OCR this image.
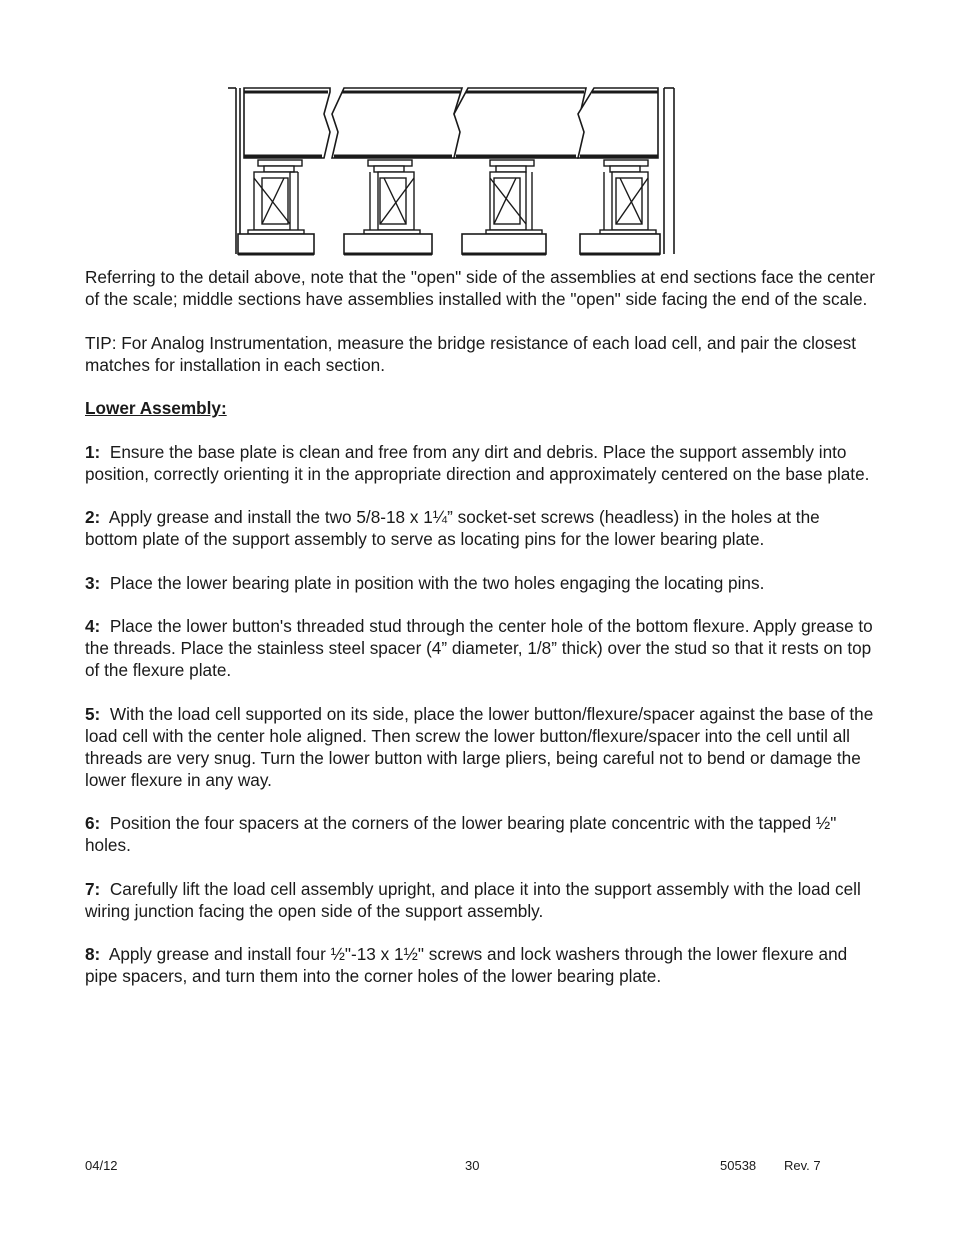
Referring to the detail above, note that the "open" side of the assemblies at end sections face the center of the scale; middle sections have assemblies installed with the "open" side facing the end of the scale.

TIP: For Analog Instrumentation, measure the bridge resistance of each load cell, and pair the closest matches for installation in each section.

Lower Assembly:

1: Ensure the base plate is clean and free from any dirt and debris. Place the support assembly into position, correctly orienting it in the appropriate direction and approximately centered on the base plate.

2: Apply grease and install the two 5/8-18 x 1¼” socket-set screws (headless) in the holes at the bottom plate of the support assembly to serve as locating pins for the lower bearing plate.

3: Place the lower bearing plate in position with the two holes engaging the locating pins.

4: Place the lower button's threaded stud through the center hole of the bottom flexure. Apply grease to the threads. Place the stainless steel spacer (4” diameter, 1/8” thick) over the stud so that it rests on top of the flexure plate.

5: With the load cell supported on its side, place the lower button/flexure/spacer against the base of the load cell with the center hole aligned. Then screw the lower button/flexure/spacer into the cell until all threads are very snug. Turn the lower button with large pliers, being careful not to bend or damage the lower flexure in any way.

6: Position the four spacers at the corners of the lower bearing plate concentric with the tapped ½" holes.

7: Carefully lift the load cell assembly upright, and place it into the support assembly with the load cell wiring junction facing the open side of the support assembly.

8: Apply grease and install four ½"-13 x 1½" screws and lock washers through the lower flexure and pipe spacers, and turn them into the corner holes of the lower bearing plate.

04/12	30	50538 Rev. 7
